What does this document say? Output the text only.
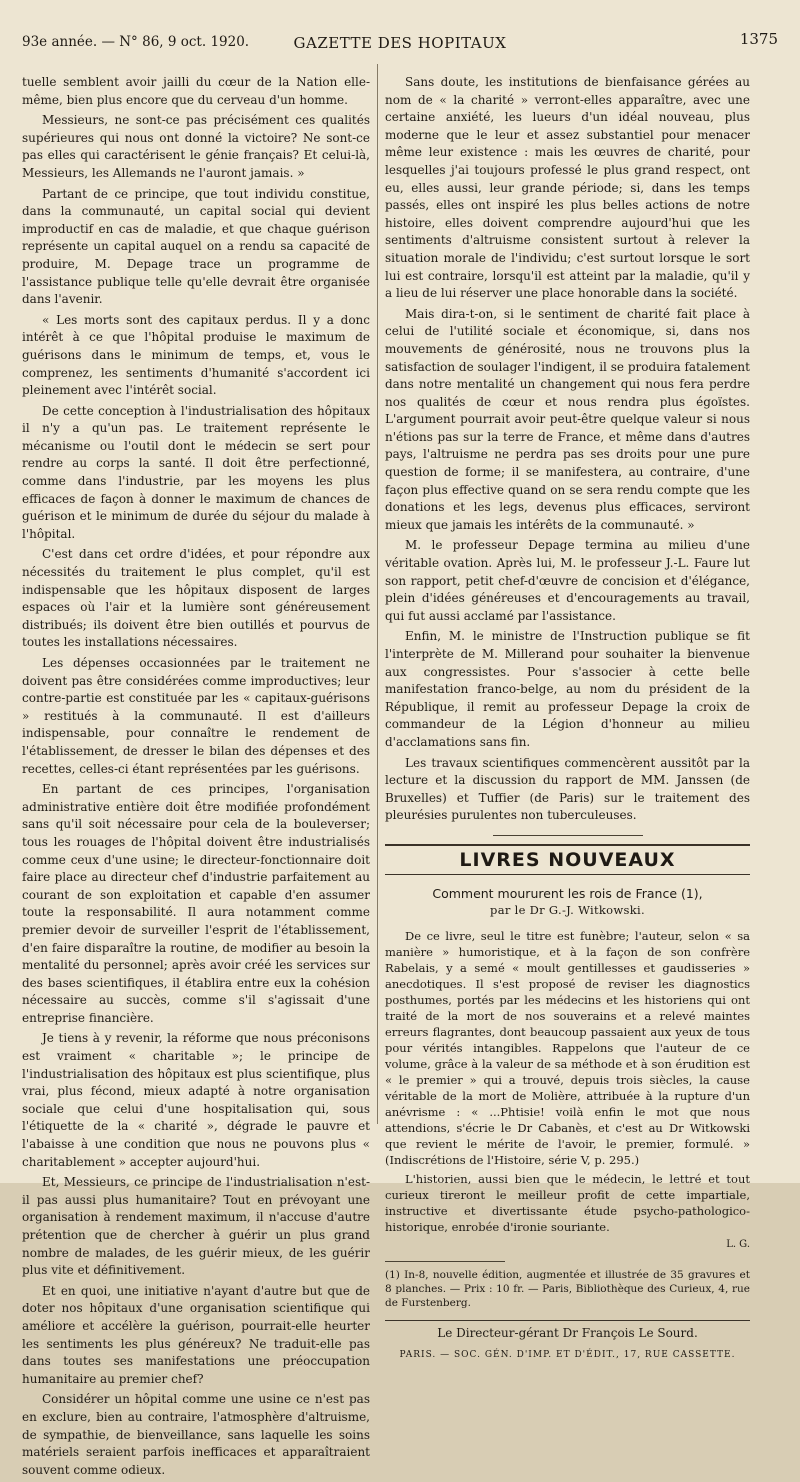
93e année. — N° 86, 9 oct. 1920.	GAZETTE DES HOPITAUX	1375

tuelle semblent avoir jailli du cœur de la Nation elle-même, bien plus encore que du cerveau d'un homme.

Messieurs, ne sont-ce pas précisément ces qualités supérieures qui nous ont donné la victoire? Ne sont-ce pas elles qui caractérisent le génie français? Et celui-là, Messieurs, les Allemands ne l'auront jamais. »

Partant de ce principe, que tout individu constitue, dans la communauté, un capital social qui devient improductif en cas de maladie, et que chaque guérison représente un capital auquel on a rendu sa capacité de produire, M. Depage trace un programme de l'assistance publique telle qu'elle devrait être organisée dans l'avenir.

« Les morts sont des capitaux perdus. Il y a donc intérêt à ce que l'hôpital produise le maximum de guérisons dans le minimum de temps, et, vous le comprenez, les sentiments d'humanité s'accordent ici pleinement avec l'intérêt social.

De cette conception à l'industrialisation des hôpitaux il n'y a qu'un pas. Le traitement représente le mécanisme ou l'outil dont le médecin se sert pour rendre au corps la santé. Il doit être perfectionné, comme dans l'industrie, par les moyens les plus efficaces de façon à donner le maximum de chances de guérison et le minimum de durée du séjour du malade à l'hôpital.

C'est dans cet ordre d'idées, et pour répondre aux nécessités du traitement le plus complet, qu'il est indispensable que les hôpitaux disposent de larges espaces où l'air et la lumière sont généreusement distribués; ils doivent être bien outillés et pourvus de toutes les installations nécessaires.

Les dépenses occasionnées par le traitement ne doivent pas être considérées comme improductives; leur contre-partie est constituée par les « capitaux-guérisons » restitués à la communauté. Il est d'ailleurs indispensable, pour connaître le rendement de l'établissement, de dresser le bilan des dépenses et des recettes, celles-ci étant représentées par les guérisons.

En partant de ces principes, l'organisation administrative entière doit être modifiée profondément sans qu'il soit nécessaire pour cela de la bouleverser; tous les rouages de l'hôpital doivent être industrialisés comme ceux d'une usine; le directeur-fonctionnaire doit faire place au directeur chef d'industrie parfaitement au courant de son exploitation et capable d'en assumer toute la responsabilité. Il aura notamment comme premier devoir de surveiller l'esprit de l'établissement, d'en faire disparaître la routine, de modifier au besoin la mentalité du personnel; après avoir créé les services sur des bases scientifiques, il établira entre eux la cohésion nécessaire au succès, comme s'il s'agissait d'une entreprise financière.

Je tiens à y revenir, la réforme que nous préconisons est vraiment « charitable »; le principe de l'industrialisation des hôpitaux est plus scientifique, plus vrai, plus fécond, mieux adapté à notre organisation sociale que celui d'une hospitalisation qui, sous l'étiquette de la « charité », dégrade le pauvre et l'abaisse à une condition que nous ne pouvons plus « charitablement » accepter aujourd'hui.

Et, Messieurs, ce principe de l'industrialisation n'est-il pas aussi plus humanitaire? Tout en prévoyant une organisation à rendement maximum, il n'accuse d'autre prétention que de chercher à guérir un plus grand nombre de malades, de les guérir mieux, de les guérir plus vite et définitivement.

Et en quoi, une initiative n'ayant d'autre but que de doter nos hôpitaux d'une organisation scientifique qui améliore et accélère la guérison, pourrait-elle heurter les sentiments les plus généreux? Ne traduit-elle pas dans toutes ses manifestations une préoccupation humanitaire au premier chef?

Considérer un hôpital comme une usine ce n'est pas en exclure, bien au contraire, l'atmosphère d'altruisme, de sympathie, de bienveillance, sans laquelle les soins matériels seraient parfois inefficaces et apparaîtraient souvent comme odieux.

Sans doute, les institutions de bienfaisance gérées au nom de « la charité » verront-elles apparaître, avec une certaine anxiété, les lueurs d'un idéal nouveau, plus moderne que le leur et assez substantiel pour menacer même leur existence : mais les œuvres de charité, pour lesquelles j'ai toujours professé le plus grand respect, ont eu, elles aussi, leur grande période; si, dans les temps passés, elles ont inspiré les plus belles actions de notre histoire, elles doivent comprendre aujourd'hui que les sentiments d'altruisme consistent surtout à relever la situation morale de l'individu; c'est surtout lorsque le sort lui est contraire, lorsqu'il est atteint par la maladie, qu'il y a lieu de lui réserver une place honorable dans la société.

Mais dira-t-on, si le sentiment de charité fait place à celui de l'utilité sociale et économique, si, dans nos mouvements de générosité, nous ne trouvons plus la satisfaction de soulager l'indigent, il se produira fatalement dans notre mentalité un changement qui nous fera perdre nos qualités de cœur et nous rendra plus égoïstes. L'argument pourrait avoir peut-être quelque valeur si nous n'étions pas sur la terre de France, et même dans d'autres pays, l'altruisme ne perdra pas ses droits pour une pure question de forme; il se manifestera, au contraire, d'une façon plus effective quand on se sera rendu compte que les donations et les legs, devenus plus efficaces, serviront mieux que jamais les intérêts de la communauté. »

M. le professeur Depage termina au milieu d'une véritable ovation. Après lui, M. le professeur J.-L. Faure lut son rapport, petit chef-d'œuvre de concision et d'élégance, plein d'idées généreuses et d'encouragements au travail, qui fut aussi acclamé par l'assistance.

Enfin, M. le ministre de l'Instruction publique se fit l'interprète de M. Millerand pour souhaiter la bienvenue aux congressistes. Pour s'associer à cette belle manifestation franco-belge, au nom du président de la République, il remit au professeur Depage la croix de commandeur de la Légion d'honneur au milieu d'acclamations sans fin.

Les travaux scientifiques commencèrent aussitôt par la lecture et la discussion du rapport de MM. Janssen (de Bruxelles) et Tuffier (de Paris) sur le traitement des pleurésies purulentes non tuberculeuses.

LIVRES NOUVEAUX
Comment moururent les rois de France (1),
par le Dr G.-J. Witkowski.

De ce livre, seul le titre est funèbre; l'auteur, selon « sa manière » humoristique, et à la façon de son confrère Rabelais, y a semé « moult gentillesses et gaudisseries » anecdotiques. Il s'est proposé de reviser les diagnostics posthumes, portés par les médecins et les historiens qui ont traité de la mort de nos souverains et a relevé maintes erreurs flagrantes, dont beaucoup passaient aux yeux de tous pour vérités intangibles. Rappelons que l'auteur de ce volume, grâce à la valeur de sa méthode et à son érudition est « le premier » qui a trouvé, depuis trois siècles, la cause véritable de la mort de Molière, attribuée à la rupture d'un anévrisme : « ...Phtisie! voilà enfin le mot que nous attendions, s'écrie le Dr Cabanès, et c'est au Dr Witkowski que revient le mérite de l'avoir, le premier, formulé. » (Indiscrétions de l'Histoire, série V, p. 295.)

L'historien, aussi bien que le médecin, le lettré et tout curieux tireront le meilleur profit de cette impartiale, instructive et divertissante étude psycho-pathologico-historique, enrobée d'ironie souriante.

L. G.
(1) In-8, nouvelle édition, augmentée et illustrée de 35 gravures et 8 planches. — Prix : 10 fr. — Paris, Bibliothèque des Curieux, 4, rue de Furstenberg.
Le Directeur-gérant Dr François Le Sourd.
PARIS. — SOC. GÉN. D'IMP. ET D'ÉDIT., 17, RUE CASSETTE.
